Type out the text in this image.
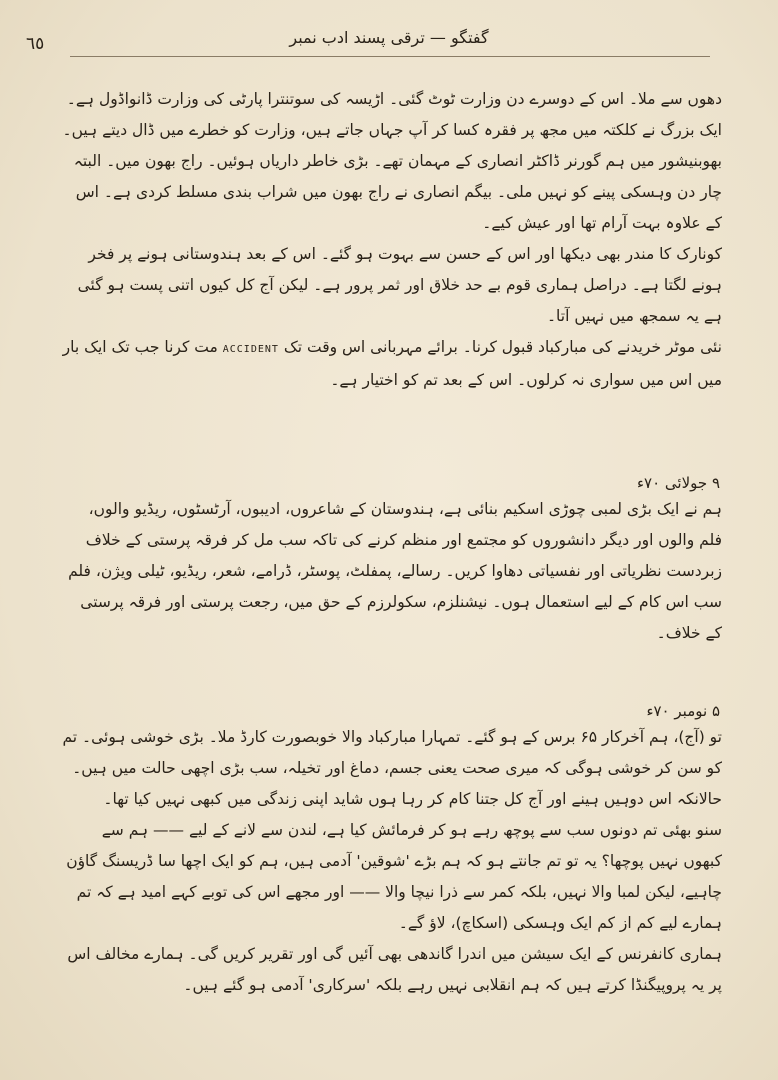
٦٥	گفتگو — ترقی پسند ادب نمبر

دھوں سے ملا۔ اس کے دوسرے دن وزارت ٹوٹ گئی۔ اڑیسہ کی سوتنترا پارٹی کی وزارت ڈانواڈول ہے۔ ایک بزرگ نے کلکتہ میں مجھ پر فقرہ کسا کر آپ جہاں جاتے ہیں، وزارت کو خطرے میں ڈال دیتے ہیں۔

بھوبنیشور میں ہم گورنر ڈاکٹر انصاری کے مہمان تھے۔ بڑی خاطر داریاں ہوئیں۔ راج بھون میں۔ البتہ چار دن وہسکی پینے کو نہیں ملی۔ بیگم انصاری نے راج بھون میں شراب بندی مسلط کردی ہے۔ اس کے علاوہ بہت آرام تھا اور عیش کیے۔

کونارک کا مندر بھی دیکھا اور اس کے حسن سے بہوت ہو گئے۔ اس کے بعد ہندوستانی ہونے پر فخر ہونے لگتا ہے۔ دراصل ہماری قوم بے حد خلاق اور ثمر پرور ہے۔ لیکن آج کل کیوں اتنی پست ہو گئی ہے یہ سمجھ میں نہیں آتا۔

نئی موٹر خریدنے کی مبارکباد قبول کرنا۔ برائے مہربانی اس وقت تک ACCIDENT مت کرنا جب تک ایک بار میں اس میں سواری نہ کرلوں۔ اس کے بعد تم کو اختیار ہے۔

۹ جولائی ۷۰ء

ہم نے ایک بڑی لمبی چوڑی اسکیم بنائی ہے، ہندوستان کے شاعروں، ادیبوں، آرٹسٹوں، ریڈیو والوں، فلم والوں اور دیگر دانشوروں کو مجتمع اور منظم کرنے کی تاکہ سب مل کر فرقہ پرستی کے خلاف زبردست نظریاتی اور نفسیاتی دھاوا کریں۔ رسالے، پمفلٹ، پوسٹر، ڈرامے، شعر، ریڈیو، ٹیلی ویژن، فلم سب اس کام کے لیے استعمال ہوں۔ نیشنلزم، سکولرزم کے حق میں، رجعت پرستی اور فرقہ پرستی کے خلاف۔

۵ نومبر ۷۰ء

تو (آج)، ہم آخرکار ۶۵ برس کے ہو گئے۔ تمہارا مبارکباد والا خوبصورت کارڈ ملا۔ بڑی خوشی ہوئی۔ تم کو سن کر خوشی ہوگی کہ میری صحت یعنی جسم، دماغ اور تخیلہ، سب بڑی اچھی حالت میں ہیں۔ حالانکہ اس دوہیں ہینے اور آج کل جتنا کام کر رہا ہوں شاید اپنی زندگی میں کبھی نہیں کیا تھا۔

سنو بھئی تم دونوں سب سے پوچھ رہے ہو کر فرمائش کیا ہے، لندن سے لانے کے لیے —— ہم سے کبھوں نہیں پوچھا؟ یہ تو تم جانتے ہو کہ ہم بڑے 'شوقین' آدمی ہیں، ہم کو ایک اچھا سا ڈریسنگ گاؤن چاہیے، لیکن لمبا والا نہیں، بلکہ کمر سے ذرا نیچا والا —— اور مجھے اس کی توبے کہے امید ہے کہ تم ہمارے لیے کم از کم ایک وہسکی (اسکاچ)، لاؤ گے۔

ہماری کانفرنس کے ایک سیشن میں اندرا گاندھی بھی آئیں گی اور تقریر کریں گی۔ ہمارے مخالف اس پر یہ پروپیگنڈا کرتے ہیں کہ ہم انقلابی نہیں رہے بلکہ 'سرکاری' آدمی ہو گئے ہیں۔
